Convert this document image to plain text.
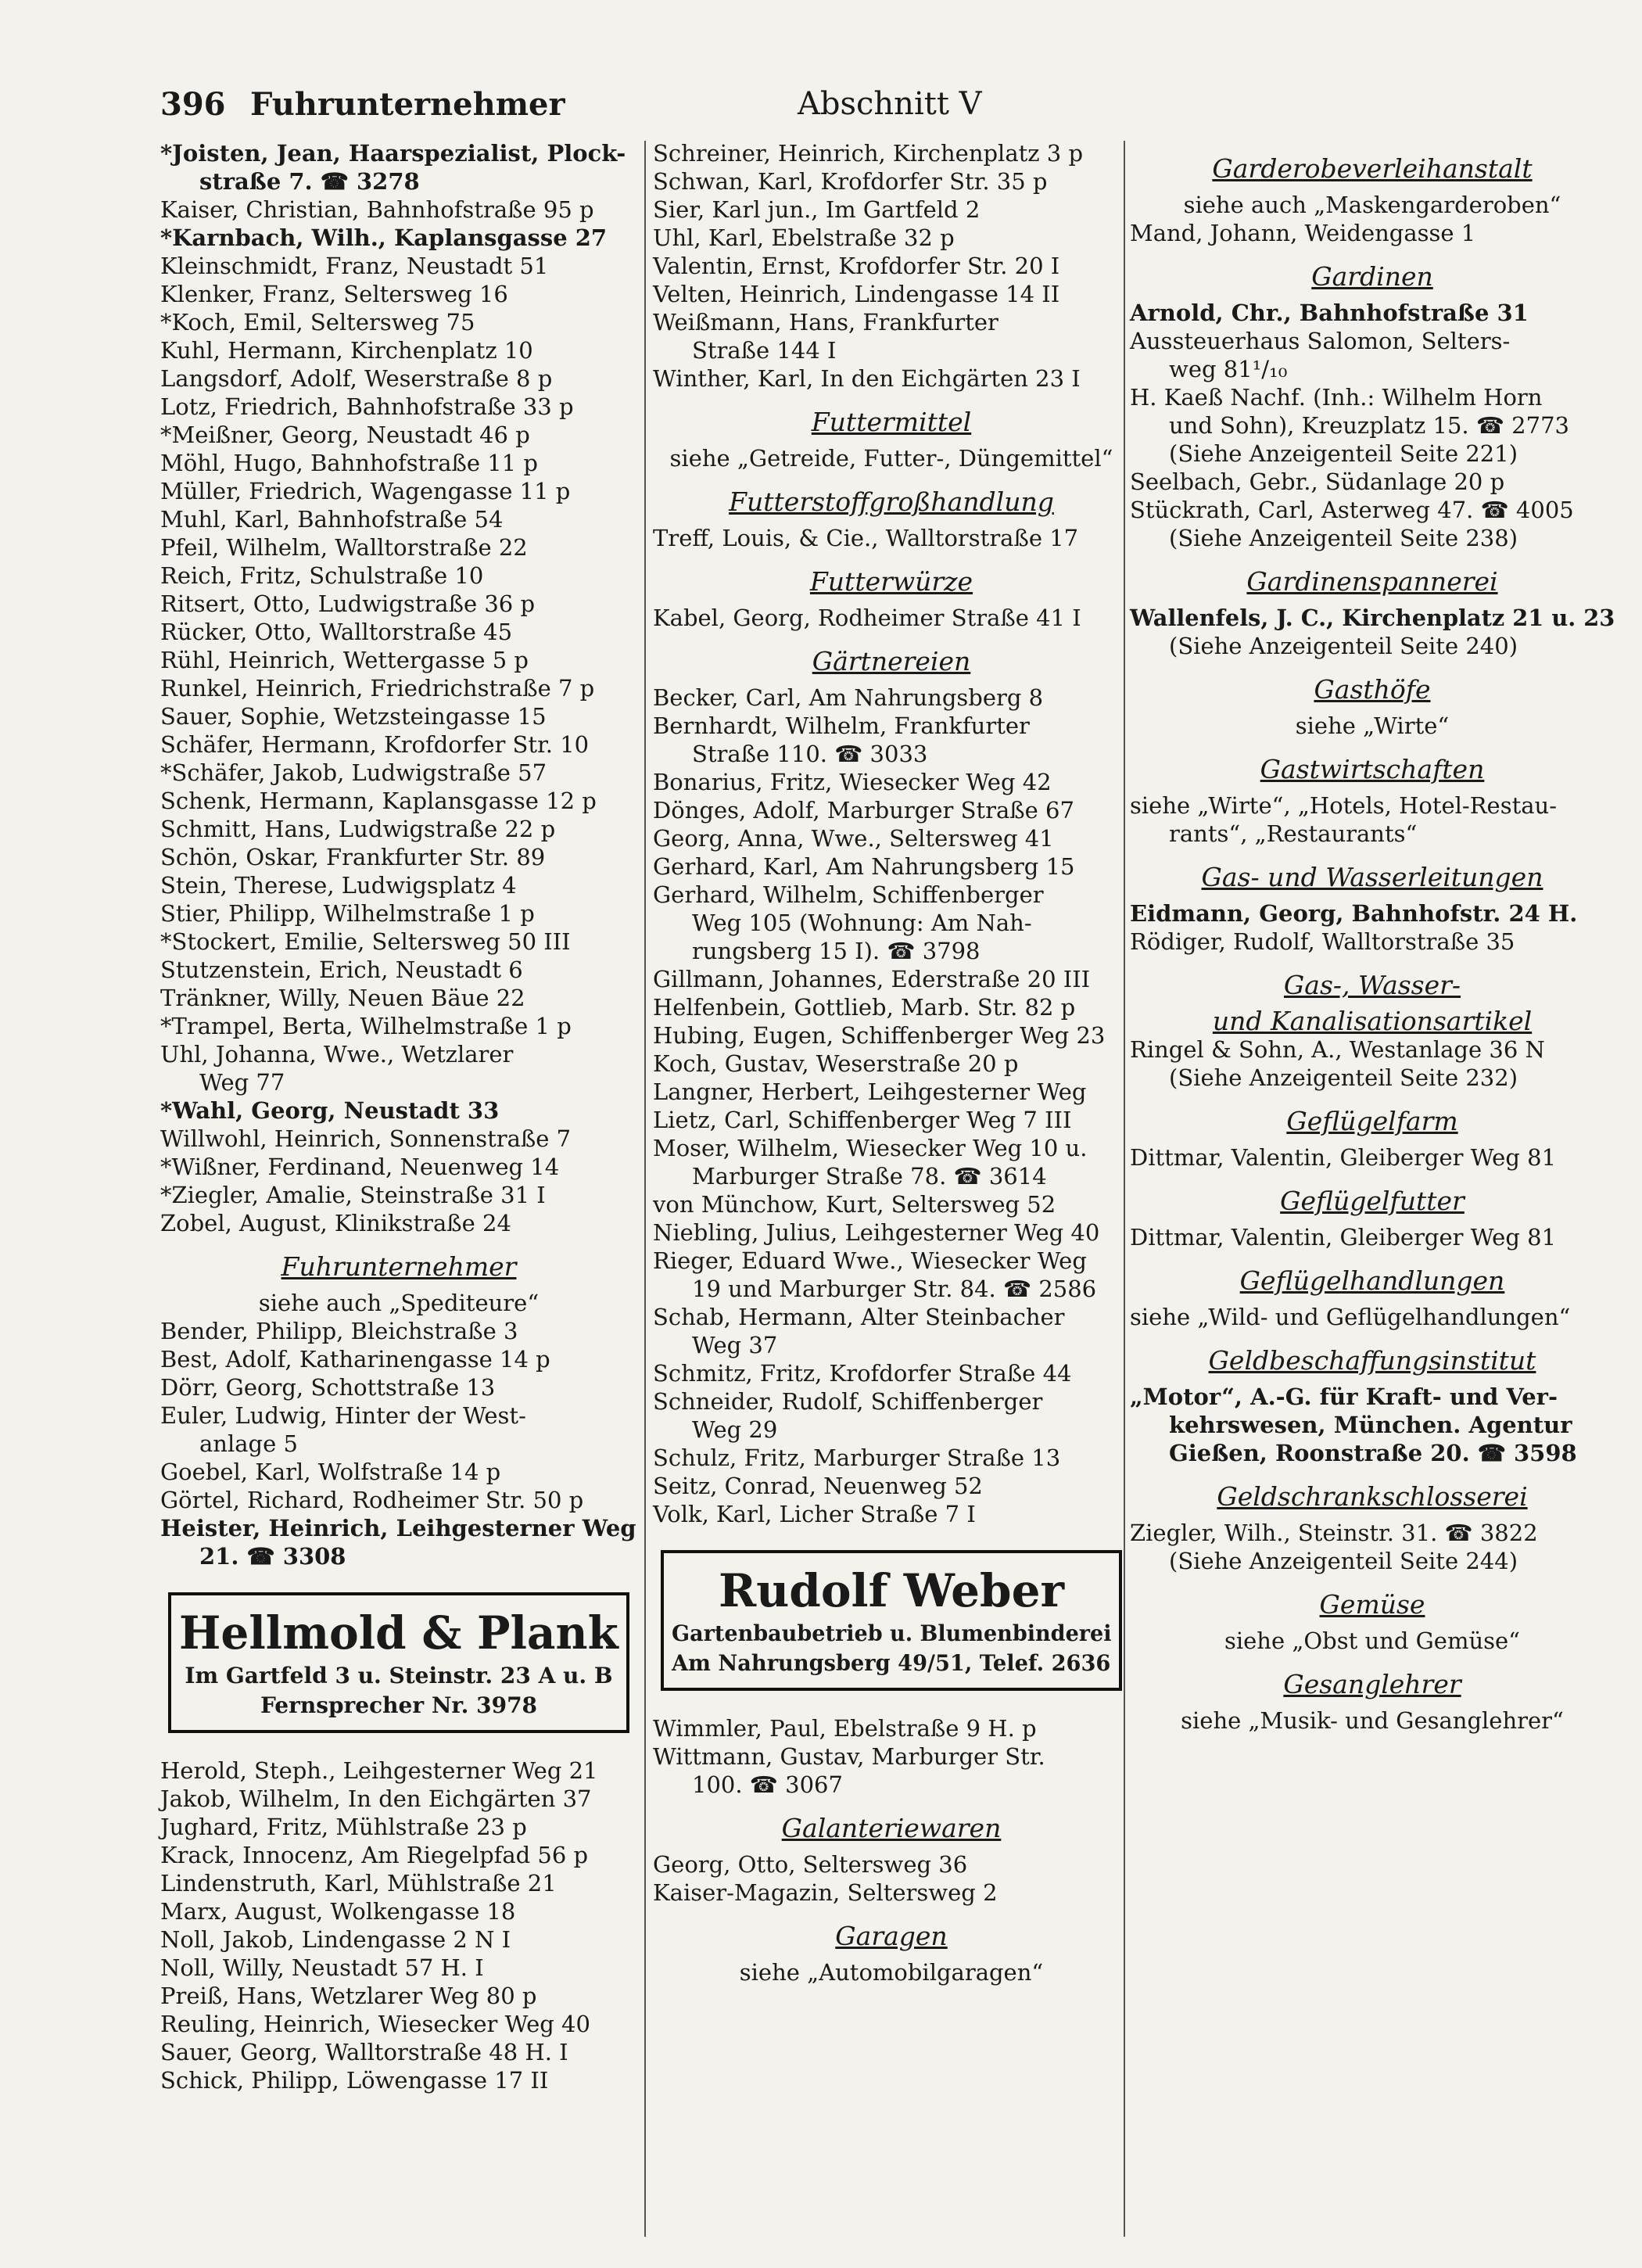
396 Fuhrunternehmer	Abschnitt V
*Joisten, Jean, Haarspezialist, Plock-
straße 7. ☎ 3278
Kaiser, Christian, Bahnhofstraße 95 p
*Karnbach, Wilh., Kaplansgasse 27
Kleinschmidt, Franz, Neustadt 51
Klenker, Franz, Seltersweg 16
*Koch, Emil, Seltersweg 75
Kuhl, Hermann, Kirchenplatz 10
Langsdorf, Adolf, Weserstraße 8 p
Lotz, Friedrich, Bahnhofstraße 33 p
*Meißner, Georg, Neustadt 46 p
Möhl, Hugo, Bahnhofstraße 11 p
Müller, Friedrich, Wagengasse 11 p
Muhl, Karl, Bahnhofstraße 54
Pfeil, Wilhelm, Walltorstraße 22
Reich, Fritz, Schulstraße 10
Ritsert, Otto, Ludwigstraße 36 p
Rücker, Otto, Walltorstraße 45
Rühl, Heinrich, Wettergasse 5 p
Runkel, Heinrich, Friedrichstraße 7 p
Sauer, Sophie, Wetzsteingasse 15
Schäfer, Hermann, Krofdorfer Str. 10
*Schäfer, Jakob, Ludwigstraße 57
Schenk, Hermann, Kaplansgasse 12 p
Schmitt, Hans, Ludwigstraße 22 p
Schön, Oskar, Frankfurter Str. 89
Stein, Therese, Ludwigsplatz 4
Stier, Philipp, Wilhelmstraße 1 p
*Stockert, Emilie, Seltersweg 50 III
Stutzenstein, Erich, Neustadt 6
Tränkner, Willy, Neuen Bäue 22
*Trampel, Berta, Wilhelmstraße 1 p
Uhl, Johanna, Wwe., Wetzlarer
Weg 77
*Wahl, Georg, Neustadt 33
Willwohl, Heinrich, Sonnenstraße 7
*Wißner, Ferdinand, Neuenweg 14
*Ziegler, Amalie, Steinstraße 31 I
Zobel, August, Klinikstraße 24
Fuhrunternehmer
siehe auch „Spediteure“
Bender, Philipp, Bleichstraße 3
Best, Adolf, Katharinengasse 14 p
Dörr, Georg, Schottstraße 13
Euler, Ludwig, Hinter der West-
anlage 5
Goebel, Karl, Wolfstraße 14 p
Görtel, Richard, Rodheimer Str. 50 p
Heister, Heinrich, Leihgesterner Weg
21. ☎ 3308
Hellmold & Plank
Im Gartfeld 3 u. Steinstr. 23 A u. B
Fernsprecher Nr. 3978
Herold, Steph., Leihgesterner Weg 21
Jakob, Wilhelm, In den Eichgärten 37
Jughard, Fritz, Mühlstraße 23 p
Krack, Innocenz, Am Riegelpfad 56 p
Lindenstruth, Karl, Mühlstraße 21
Marx, August, Wolkengasse 18
Noll, Jakob, Lindengasse 2 N I
Noll, Willy, Neustadt 57 H. I
Preiß, Hans, Wetzlarer Weg 80 p
Reuling, Heinrich, Wiesecker Weg 40
Sauer, Georg, Walltorstraße 48 H. I
Schick, Philipp, Löwengasse 17 II
Schreiner, Heinrich, Kirchenplatz 3 p
Schwan, Karl, Krofdorfer Str. 35 p
Sier, Karl jun., Im Gartfeld 2
Uhl, Karl, Ebelstraße 32 p
Valentin, Ernst, Krofdorfer Str. 20 I
Velten, Heinrich, Lindengasse 14 II
Weißmann, Hans, Frankfurter
Straße 144 I
Winther, Karl, In den Eichgärten 23 I
Futtermittel
siehe „Getreide, Futter-, Düngemittel“
Futterstoffgroßhandlung
Treff, Louis, & Cie., Walltorstraße 17
Futterwürze
Kabel, Georg, Rodheimer Straße 41 I
Gärtnereien
Becker, Carl, Am Nahrungsberg 8
Bernhardt, Wilhelm, Frankfurter
Straße 110. ☎ 3033
Bonarius, Fritz, Wiesecker Weg 42
Dönges, Adolf, Marburger Straße 67
Georg, Anna, Wwe., Seltersweg 41
Gerhard, Karl, Am Nahrungsberg 15
Gerhard, Wilhelm, Schiffenberger
Weg 105 (Wohnung: Am Nah-
rungsberg 15 I). ☎ 3798
Gillmann, Johannes, Ederstraße 20 III
Helfenbein, Gottlieb, Marb. Str. 82 p
Hubing, Eugen, Schiffenberger Weg 23
Koch, Gustav, Weserstraße 20 p
Langner, Herbert, Leihgesterner Weg
Lietz, Carl, Schiffenberger Weg 7 III
Moser, Wilhelm, Wiesecker Weg 10 u.
Marburger Straße 78. ☎ 3614
von Münchow, Kurt, Seltersweg 52
Niebling, Julius, Leihgesterner Weg 40
Rieger, Eduard Wwe., Wiesecker Weg
19 und Marburger Str. 84. ☎ 2586
Schab, Hermann, Alter Steinbacher
Weg 37
Schmitz, Fritz, Krofdorfer Straße 44
Schneider, Rudolf, Schiffenberger
Weg 29
Schulz, Fritz, Marburger Straße 13
Seitz, Conrad, Neuenweg 52
Volk, Karl, Licher Straße 7 I
Rudolf Weber
Gartenbaubetrieb u. Blumenbinderei
Am Nahrungsberg 49/51, Telef. 2636
Wimmler, Paul, Ebelstraße 9 H. p
Wittmann, Gustav, Marburger Str.
100. ☎ 3067
Galanteriewaren
Georg, Otto, Seltersweg 36
Kaiser-Magazin, Seltersweg 2
Garagen
siehe „Automobilgaragen“
Garderobeverleihanstalt
siehe auch „Maskengarderoben“
Mand, Johann, Weidengasse 1
Gardinen
Arnold, Chr., Bahnhofstraße 31
Aussteuerhaus Salomon, Selters-
weg 81¹/₁₀
H. Kaeß Nachf. (Inh.: Wilhelm Horn
und Sohn), Kreuzplatz 15. ☎ 2773
(Siehe Anzeigenteil Seite 221)
Seelbach, Gebr., Südanlage 20 p
Stückrath, Carl, Asterweg 47. ☎ 4005
(Siehe Anzeigenteil Seite 238)
Gardinenspannerei
Wallenfels, J. C., Kirchenplatz 21 u. 23
(Siehe Anzeigenteil Seite 240)
Gasthöfe
siehe „Wirte“
Gastwirtschaften
siehe „Wirte“, „Hotels, Hotel-Restau-
rants“, „Restaurants“
Gas- und Wasserleitungen
Eidmann, Georg, Bahnhofstr. 24 H.
Rödiger, Rudolf, Walltorstraße 35
Gas-, Wasser-
und Kanalisationsartikel
Ringel & Sohn, A., Westanlage 36 N
(Siehe Anzeigenteil Seite 232)
Geflügelfarm
Dittmar, Valentin, Gleiberger Weg 81
Geflügelfutter
Dittmar, Valentin, Gleiberger Weg 81
Geflügelhandlungen
siehe „Wild- und Geflügelhandlungen“
Geldbeschaffungsinstitut
„Motor“, A.-G. für Kraft- und Ver-
kehrswesen, München. Agentur
Gießen, Roonstraße 20. ☎ 3598
Geldschrankschlosserei
Ziegler, Wilh., Steinstr. 31. ☎ 3822
(Siehe Anzeigenteil Seite 244)
Gemüse
siehe „Obst und Gemüse“
Gesanglehrer
siehe „Musik- und Gesanglehrer“
